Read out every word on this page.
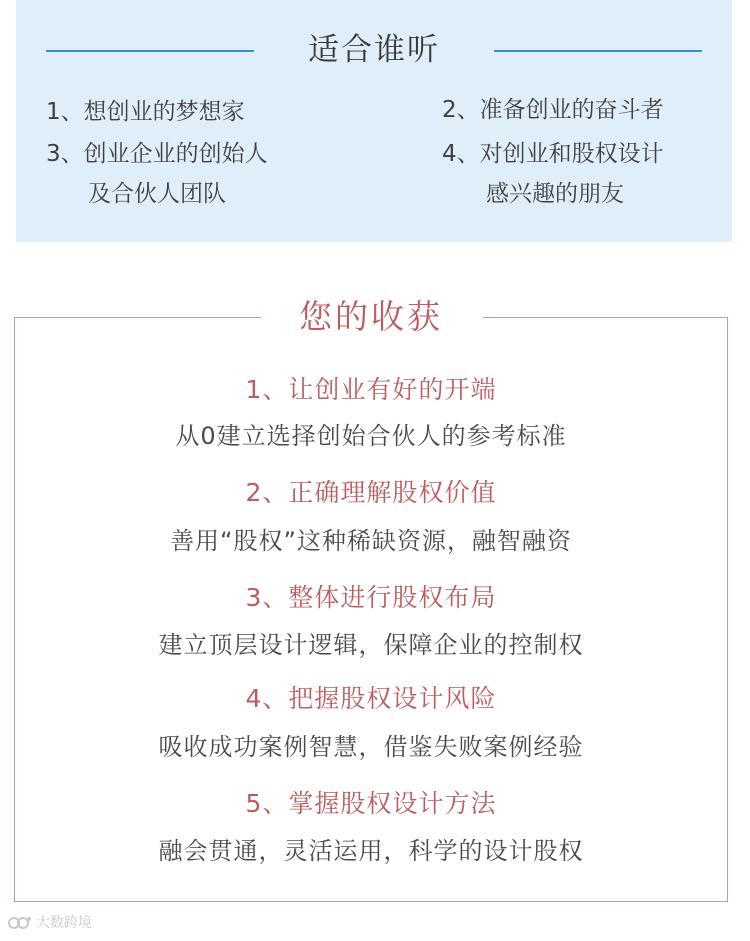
适合谁听
1、想创业的梦想家	2、准备创业的奋斗者
3、创业企业的创始人
及合伙人团队
4、对创业和股权设计
感兴趣的朋友
您的收获
1、让创业有好的开端
从0建立选择创始合伙人的参考标准
2、正确理解股权价值
善用“股权”这种稀缺资源，融智融资
3、整体进行股权布局
建立顶层设计逻辑，保障企业的控制权
4、把握股权设计风险
吸收成功案例智慧，借鉴失败案例经验
5、掌握股权设计方法
融会贯通，灵活运用，科学的设计股权
大数跨境
